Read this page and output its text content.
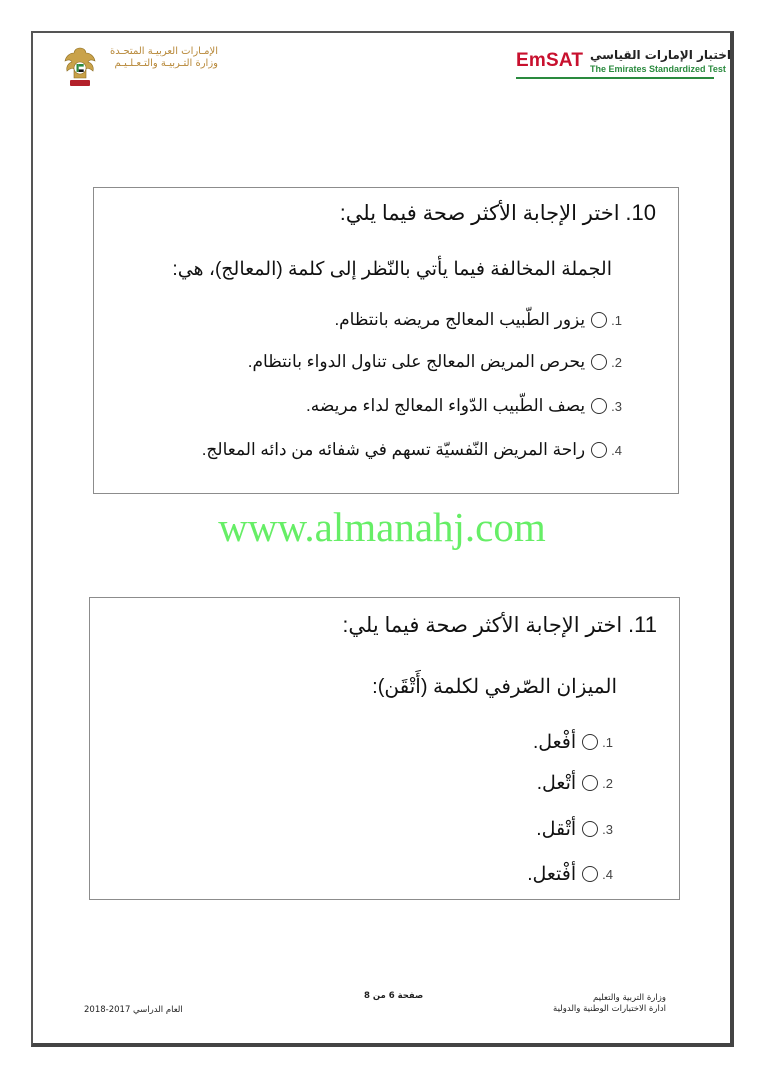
EmSAT اختبار الإمارات القياسي
The Emirates Standardized Test
الإمـارات العربيـة المتحـدة
وزارة التـربيـة والتـعـلـيـم
10. اختر الإجابة الأكثر صحة فيما يلي:
الجملة المخالفة فيما يأتي بالنّظر إلى كلمة (المعالج)، هي:
.1
يزور الطّبيب المعالج مريضه بانتظام.
.2
يحرص المريض المعالج على تناول الدواء بانتظام.
.3
يصف الطّبيب الدّواء المعالج لداء مريضه.
.4
راحة المريض النّفسيّة تسهم في شفائه من دائه المعالج.
www.almanahj.com
11. اختر الإجابة الأكثر صحة فيما يلي:
الميزان الصّرفي لكلمة (أَتْقَن):
.1
أفْعل.
.2
أتْعل.
.3
أتْقل.
.4
أفْتعل.
وزارة التربية والتعليم
ادارة الاختبارات الوطنية والدولية
صفحة 6 من 8
العام الدراسي 2017-2018
